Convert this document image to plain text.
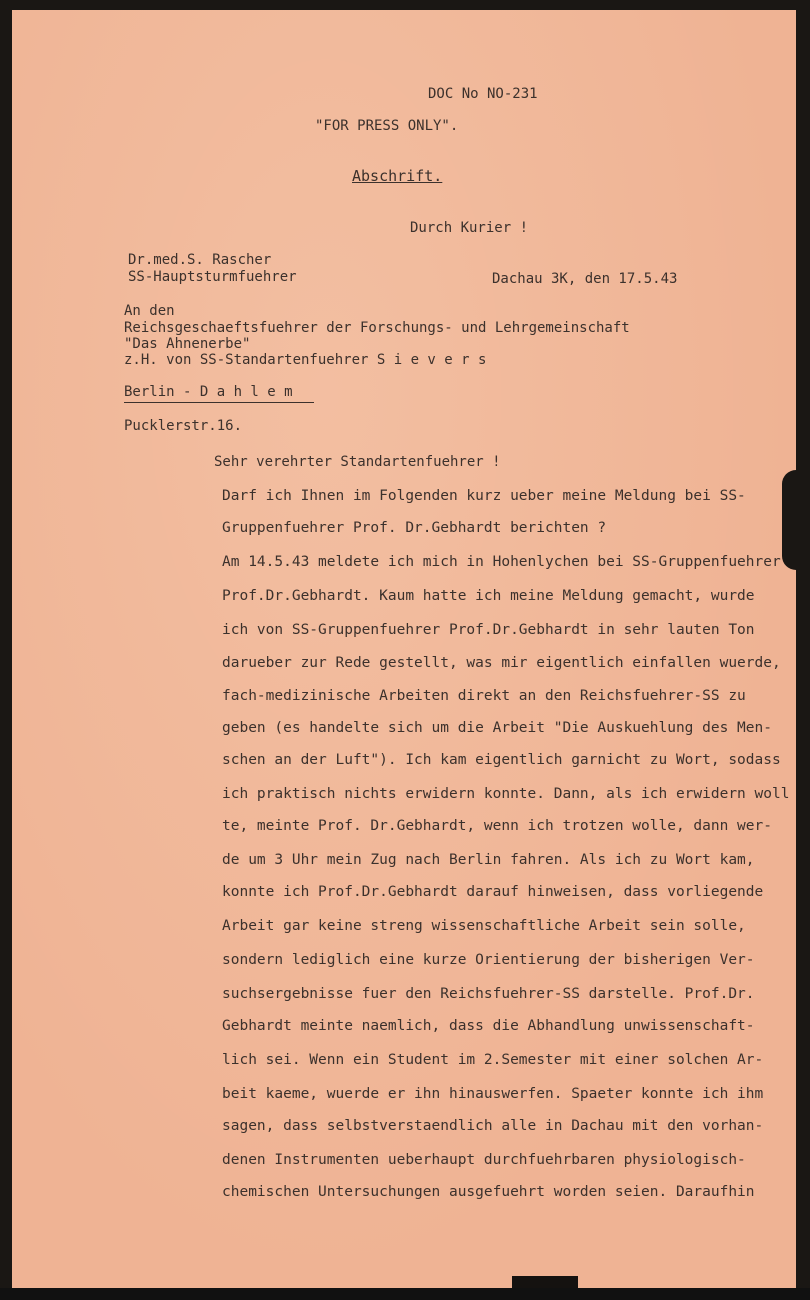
DOC No NO-231
"FOR PRESS ONLY".
Abschrift.
Durch Kurier !
Dr.med.S. Rascher
SS-Hauptsturmfuehrer	Dachau 3K, den 17.5.43
An den
Reichsgeschaeftsfuehrer der Forschungs- und Lehrgemeinschaft
"Das Ahnenerbe"
z.H. von SS-Standartenfuehrer S i e v e r s
Berlin - D a h l e m
Pucklerstr.16.
Sehr verehrter Standartenfuehrer !
Darf ich Ihnen im Folgenden kurz ueber meine Meldung bei SS-
Gruppenfuehrer Prof. Dr.Gebhardt berichten ?
Am 14.5.43 meldete ich mich in Hohenlychen bei SS-Gruppenfuehrer
Prof.Dr.Gebhardt. Kaum hatte ich meine Meldung gemacht, wurde
ich von SS-Gruppenfuehrer Prof.Dr.Gebhardt in sehr lauten Ton
darueber zur Rede gestellt, was mir eigentlich einfallen wuerde,
fach-medizinische Arbeiten direkt an den Reichsfuehrer-SS zu
geben (es handelte sich um die Arbeit "Die Auskuehlung des Men-
schen an der Luft"). Ich kam eigentlich garnicht zu Wort, sodass
ich praktisch nichts erwidern konnte. Dann, als ich erwidern woll
te, meinte Prof. Dr.Gebhardt, wenn ich trotzen wolle, dann wer-
de um 3 Uhr mein Zug nach Berlin fahren. Als ich zu Wort kam,
konnte ich Prof.Dr.Gebhardt darauf hinweisen, dass vorliegende
Arbeit gar keine streng wissenschaftliche Arbeit sein solle,
sondern lediglich eine kurze Orientierung der bisherigen Ver-
suchsergebnisse fuer den Reichsfuehrer-SS darstelle. Prof.Dr.
Gebhardt meinte naemlich, dass die Abhandlung unwissenschaft-
lich sei. Wenn ein Student im 2.Semester mit einer solchen Ar-
beit kaeme, wuerde er ihn hinauswerfen. Spaeter konnte ich ihm
sagen, dass selbstverstaendlich alle in Dachau mit den vorhan-
denen Instrumenten ueberhaupt durchfuehrbaren physiologisch-
chemischen Untersuchungen ausgefuehrt worden seien. Daraufhin
